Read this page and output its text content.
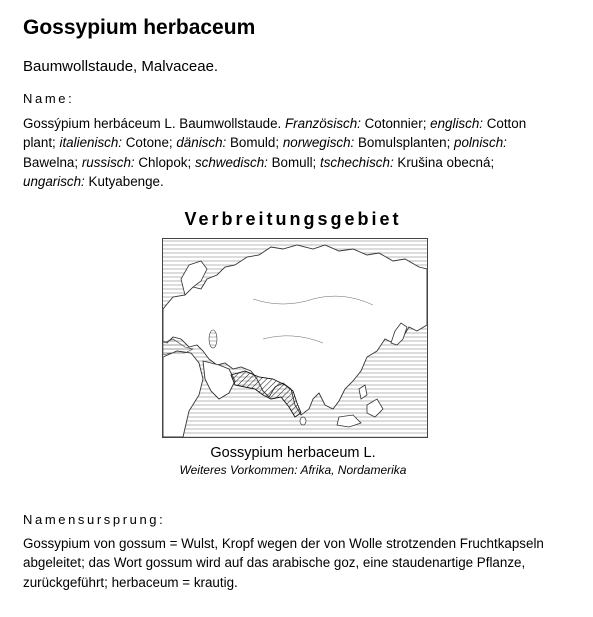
Gossypium herbaceum
Baumwollstaude, Malvaceae.
Name:
Gossýpium herbáceum L. Baumwollstaude. Französisch: Cotonnier; englisch: Cotton plant; italienisch: Cotone; dänisch: Bomuld; norwegisch: Bomulsplanten; polnisch: Bawelna; russisch: Chlopok; schwedisch: Bomull; tschechisch: Krušina obecná; ungarisch: Kutyabenge.
Verbreitungsgebiet
Gossypium herbaceum L.
Weiteres Vorkommen: Afrika, Nordamerika
Namensursprung:
Gossypium von gossum = Wulst, Kropf wegen der von Wolle strotzenden Fruchtkapseln abgeleitet; das Wort gossum wird auf das arabische goz, eine staudenartige Pflanze, zurückgeführt; herbaceum = krautig.
